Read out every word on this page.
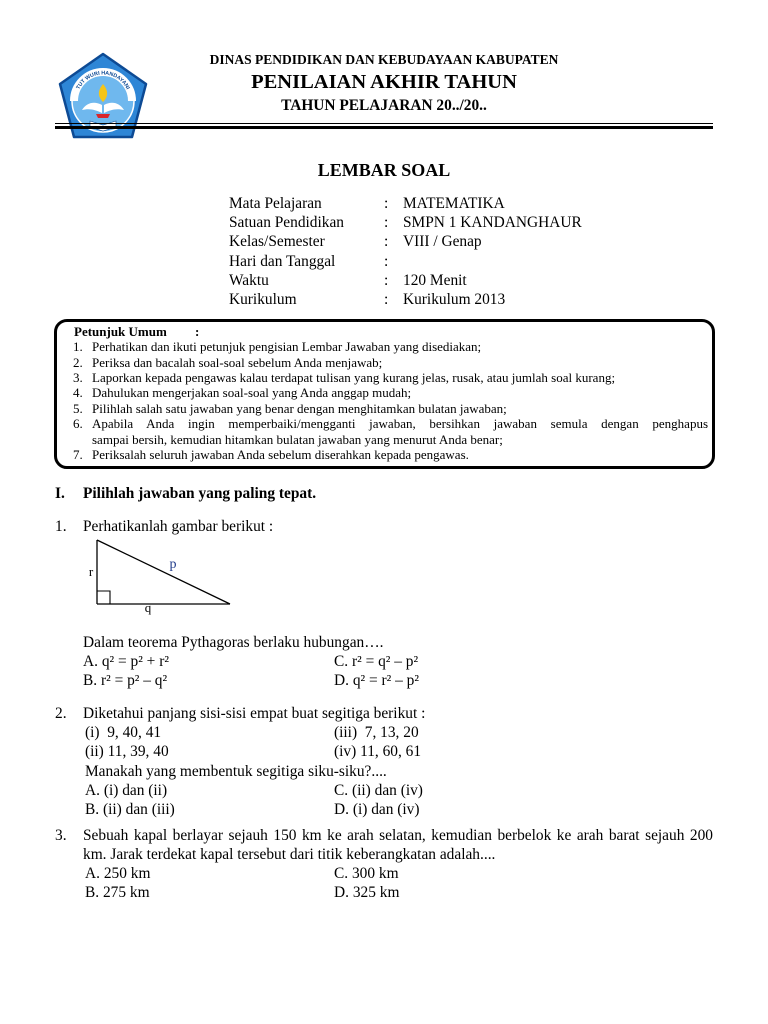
TUT WURI HANDAYANI
DINAS PENDIDIKAN DAN KEBUDAYAAN KABUPATEN
PENILAIAN AKHIR TAHUN
TAHUN PELAJARAN 20../20..
LEMBAR SOAL
Mata Pelajaran	: MATEMATIKA
Satuan Pendidikan	: SMPN 1 KANDANGHAUR
Kelas/Semester	: VIII / Genap
Hari dan Tanggal	:
Waktu	: 120 Menit
Kurikulum	: Kurikulum 2013
Petunjuk Umum :
1. Perhatikan dan ikuti petunjuk pengisian Lembar Jawaban yang disediakan;
2. Periksa dan bacalah soal-soal sebelum Anda menjawab;
3. Laporkan kepada pengawas kalau terdapat tulisan yang kurang jelas, rusak, atau jumlah soal kurang;
4. Dahulukan mengerjakan soal-soal yang Anda anggap mudah;
5. Pilihlah salah satu jawaban yang benar dengan menghitamkan bulatan jawaban;
6. Apabila Anda ingin memperbaiki/mengganti jawaban, bersihkan jawaban semula dengan penghapus
sampai bersih, kemudian hitamkan bulatan jawaban yang menurut Anda benar;
7. Periksalah seluruh jawaban Anda sebelum diserahkan kepada pengawas.
I. Pilihlah jawaban yang paling tepat.
1. Perhatikanlah gambar berikut :
r	p
q
Dalam teorema Pythagoras berlaku hubungan….
A. q² = p² + r²	C. r² = q² – p²
B. r² = p² – q²	D. q² = r² – p²
2. Diketahui panjang sisi-sisi empat buat segitiga berikut :
(i)  9, 40, 41	(iii)  7, 13, 20
(ii) 11, 39, 40	(iv) 11, 60, 61
Manakah yang membentuk segitiga siku-siku?....
A. (i) dan (ii)	C. (ii) dan (iv)
B. (ii) dan (iii)	D. (i) dan (iv)
3. Sebuah kapal berlayar sejauh 150 km ke arah selatan, kemudian berbelok ke arah barat sejauh 200
km. Jarak terdekat kapal tersebut dari titik keberangkatan adalah....
A. 250 km	C. 300 km
B. 275 km	D. 325 km
